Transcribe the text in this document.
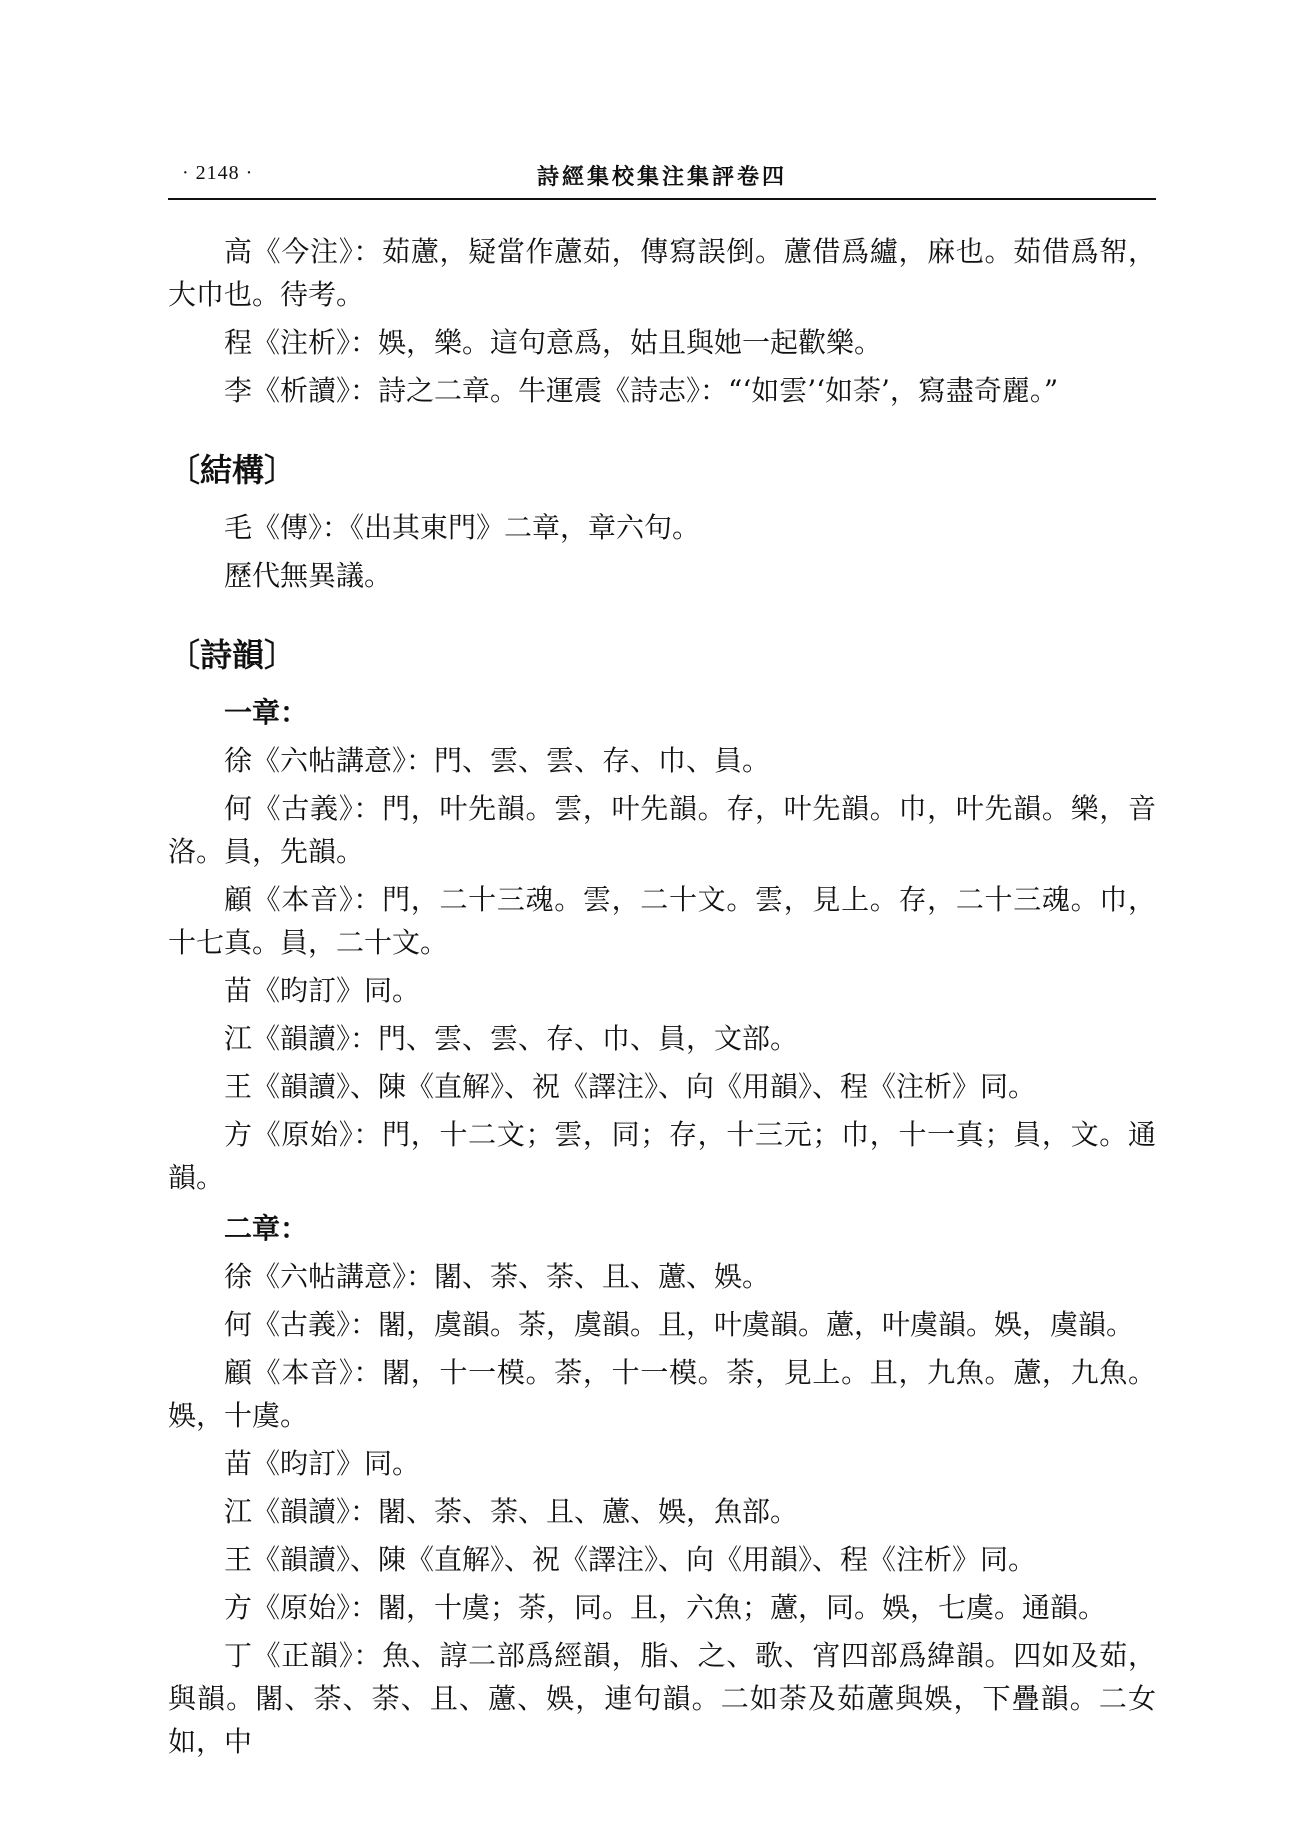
· 2148 ·	詩經集校集注集評卷四

高《今注》：茹藘，疑當作藘茹，傳寫誤倒。藘借爲纑，麻也。茹借爲帤，大巾也。待考。

程《注析》：娛，樂。這句意爲，姑且與她一起歡樂。

李《析讀》：詩之二章。牛運震《詩志》：“‘如雲’‘如荼’，寫盡奇麗。”

〔結構〕

毛《傳》：《出其東門》二章，章六句。

歷代無異議。

〔詩韻〕
一章：

徐《六帖講意》：門、雲、雲、存、巾、員。

何《古義》：門，叶先韻。雲，叶先韻。存，叶先韻。巾，叶先韻。樂，音洛。員，先韻。

顧《本音》：門，二十三魂。雲，二十文。雲，見上。存，二十三魂。巾，十七真。員，二十文。

苗《昀訂》同。

江《韻讀》：門、雲、雲、存、巾、員，文部。

王《韻讀》、陳《直解》、祝《譯注》、向《用韻》、程《注析》同。

方《原始》：門，十二文；雲，同；存，十三元；巾，十一真；員，文。通韻。

二章：

徐《六帖講意》：闍、荼、荼、且、藘、娛。

何《古義》：闍，虞韻。荼，虞韻。且，叶虞韻。藘，叶虞韻。娛，虞韻。

顧《本音》：闍，十一模。荼，十一模。荼，見上。且，九魚。藘，九魚。娛，十虞。

苗《昀訂》同。

江《韻讀》：闍、荼、荼、且、藘、娛，魚部。

王《韻讀》、陳《直解》、祝《譯注》、向《用韻》、程《注析》同。

方《原始》：闍，十虞；荼，同。且，六魚；藘，同。娛，七虞。通韻。

丁《正韻》：魚、諄二部爲經韻，脂、之、歌、宵四部爲緯韻。四如及茹，與韻。闍、荼、荼、且、藘、娛，連句韻。二如荼及茹藘與娛，下疊韻。二女如，中
